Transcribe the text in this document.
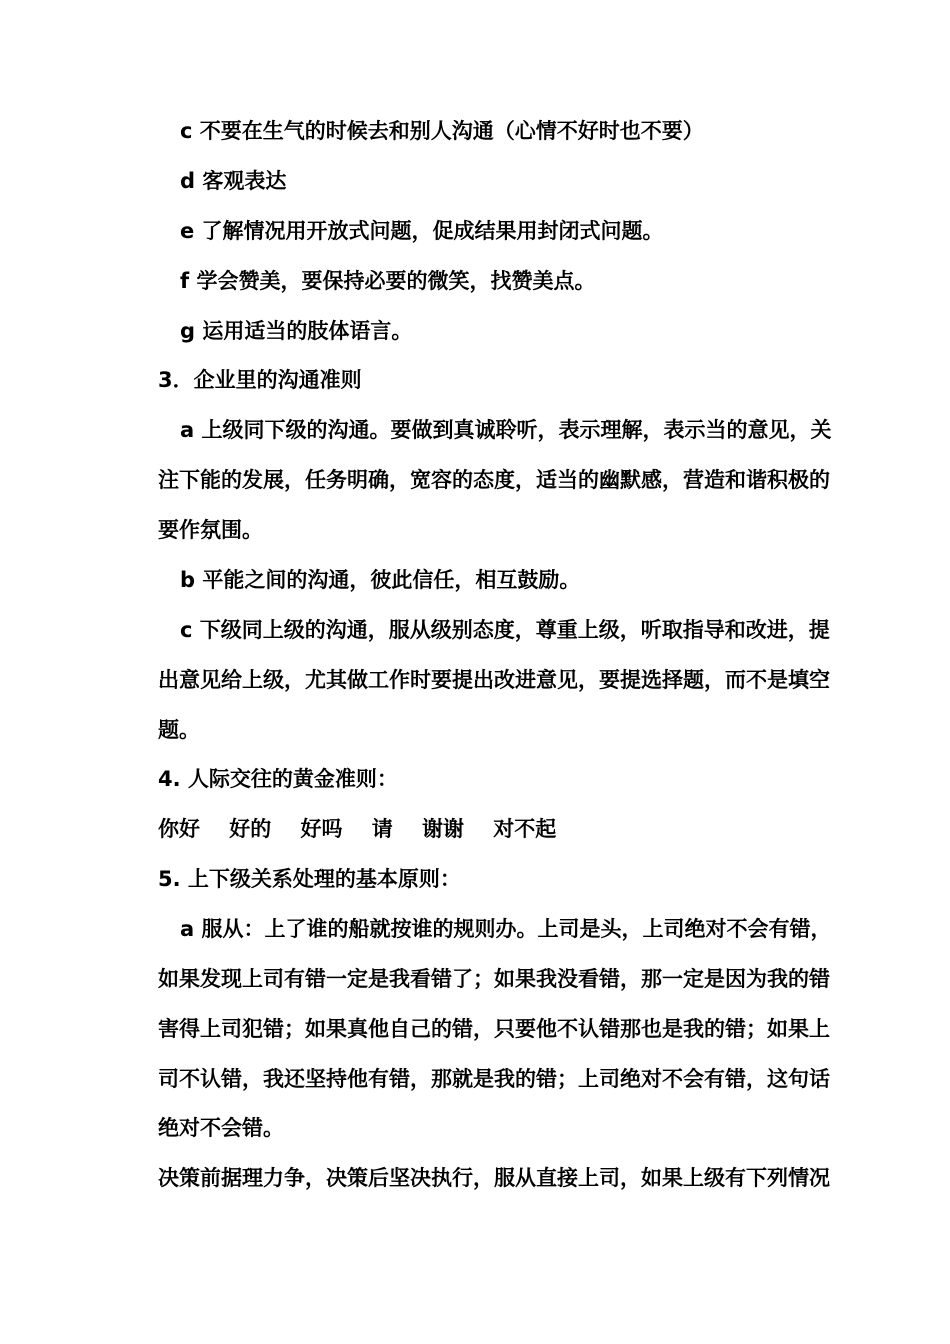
c 不要在生气的时候去和别人沟通（心情不好时也不要）
d 客观表达
e 了解情况用开放式问题，促成结果用封闭式问题。
f 学会赞美，要保持必要的微笑，找赞美点。
g 运用适当的肢体语言。
3．企业里的沟通准则
a 上级同下级的沟通。要做到真诚聆听，表示理解，表示当的意见，关
注下能的发展，任务明确，宽容的态度，适当的幽默感，营造和谐积极的
要作氛围。
b 平能之间的沟通，彼此信任，相互鼓励。
c 下级同上级的沟通，服从级别态度，尊重上级，听取指导和改进，提
出意见给上级，尤其做工作时要提出改进意见，要提选择题，而不是填空
题。
4. 人际交往的黄金准则：
你好    好的    好吗    请    谢谢    对不起
5. 上下级关系处理的基本原则：
a 服从：上了谁的船就按谁的规则办。上司是头，上司绝对不会有错，
如果发现上司有错一定是我看错了；如果我没看错，那一定是因为我的错
害得上司犯错；如果真他自己的错，只要他不认错那也是我的错；如果上
司不认错，我还坚持他有错，那就是我的错；上司绝对不会有错，这句话
绝对不会错。
决策前据理力争，决策后坚决执行，服从直接上司，如果上级有下列情况
